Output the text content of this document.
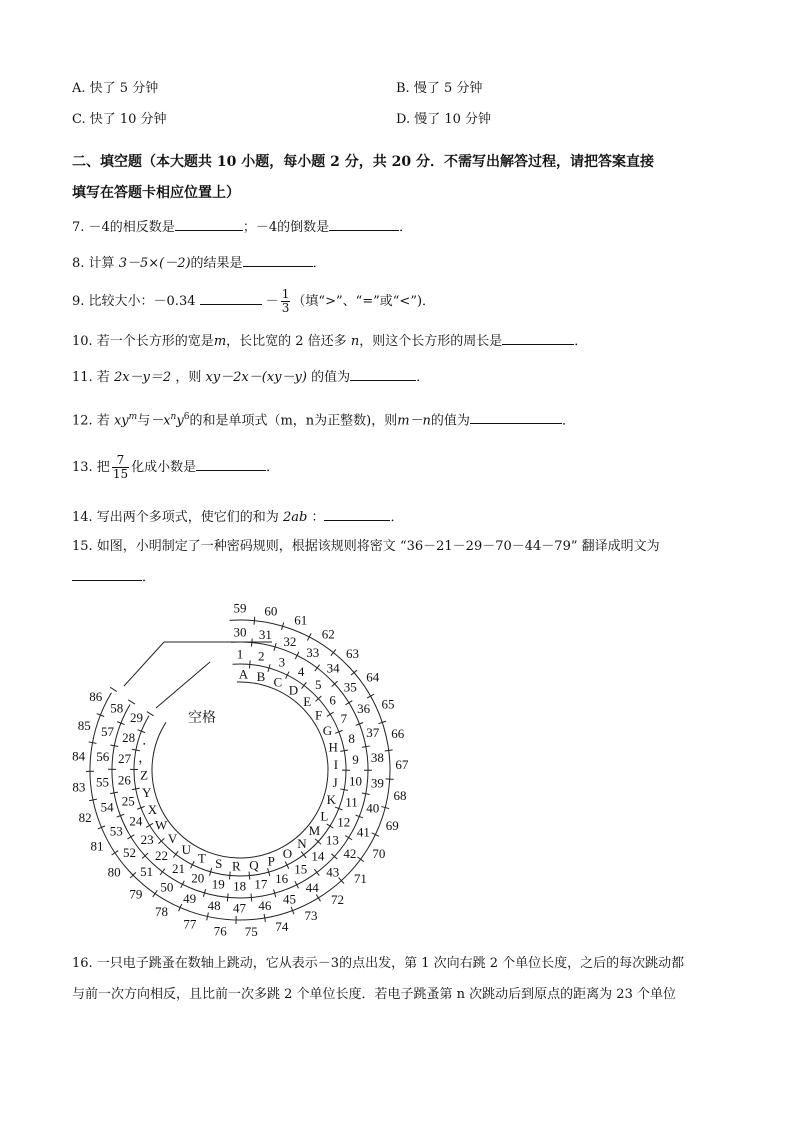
A. 快了 5 分钟	B. 慢了 5 分钟
C. 快了 10 分钟	D. 慢了 10 分钟
二、填空题（本大题共 10 小题，每小题 2 分，共 20 分．不需写出解答过程，请把答案直接
填写在答题卡相应位置上）
7. －4的相反数是	；－4的倒数是	．
8. 计算 3－5×(－2)的结果是	．
9. 比较大小：－0.34	－ $\frac{1}{3}$ （填“>”、“=”或“<”)．
10. 若一个长方形的宽是m，长比宽的 2 倍还多 n，则这个长方形的周长是	．
11. 若 2x－y＝2 ，则 xy－2x－(xy－y) 的值为	．
12. 若 $xy^m$与$-x^ny^6$的和是单项式（m，n为正整数)，则m－n的值为	．
13. 把 $\frac{7}{15}$ 化成小数是	．
14. 写出两个多项式，使它们的和为 2ab ：	．
15. 如图，小明制定了一种密码规则，根据该规则将密文 “36－21－29－70－44－79” 翻译成明文为
．
A B C
D
E
F
G
H
I
J
K
L
M
N
O
P
Q
R
S
T
U
V
W
X
Y
Z
，
．
1 2 3
4
5
6
7
8
9
10
11
12
13
14
15
16
17
18
19
20
21
22
23
24
25
26
27
28
29
30 31 32
33
34
35
36
37
38
39
40
41
42
43
44
45
46
47
48
49
50
51
52
53
54
55
56
57
58
59 60
61
62
63
64
65
66
67
68
69
70
71
72
73
74
75
76
77
78
79
80
81
82
83
84
85
86
空格
16. 一只电子跳蚤在数轴上跳动，它从表示－3的点出发，第 1 次向右跳 2 个单位长度，之后的每次跳动都
与前一次方向相反，且比前一次多跳 2 个单位长度．若电子跳蚤第 n 次跳动后到原点的距离为 23 个单位
